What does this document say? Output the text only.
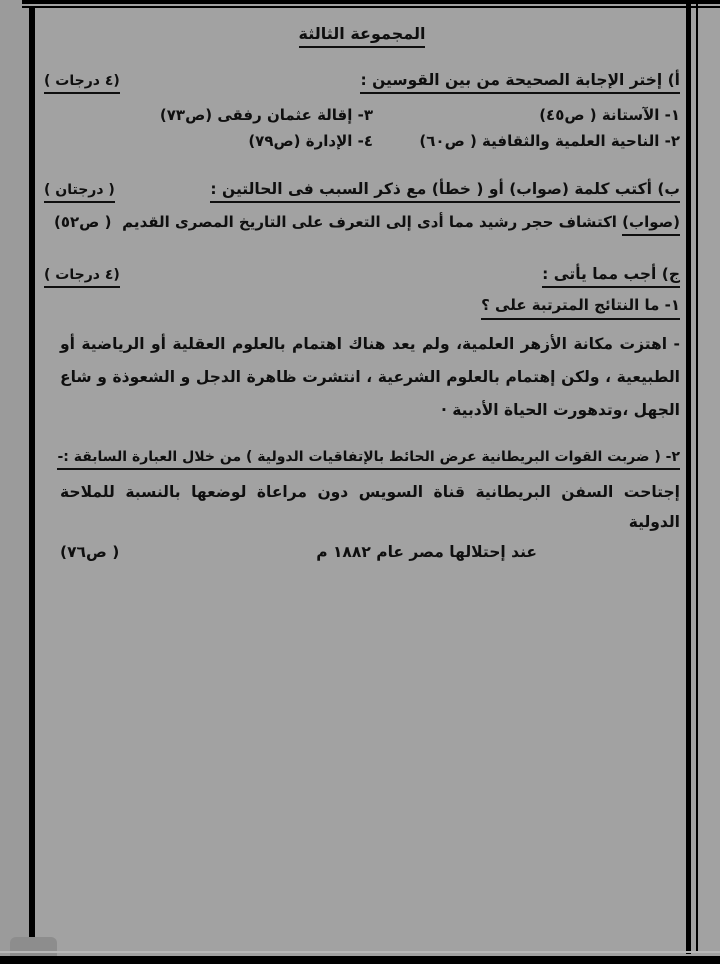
المجموعة الثالثة
أ) إختر الإجابة الصحيحة من بين القوسين :
(٤ درجات )
١- الآستانة ( ص٤٥)
٣- إقالة عثمان رفقى (ص٧٣)
٢- الناحية العلمية والثقافية ( ص٦٠)
٤- الإدارة (ص٧٩)
ب) أكتب كلمة (صواب) أو ( خطأ) مع ذكر السبب فى الحالتين :
( درجتان )
(صواب) اكتشاف حجر رشيد مما أدى إلى التعرف على التاريخ المصرى القديم
( ص٥٢)
ج) أجب مما يأتى :
(٤ درجات )
١- ما النتائج المترتبة على ؟
- اهتزت مكانة الأزهر العلمية، ولم يعد هناك اهتمام بالعلوم العقلية أو الرياضية أو
الطبيعية ، ولكن إهتمام بالعلوم الشرعية ، انتشرت ظاهرة الدجل و الشعوذة و شاع
الجهل ،وتدهورت الحياة الأدبية ·
٢- ( ضربت القوات البريطانية عرض الحائط بالإتفاقيات الدولية ) من خلال العبارة السابقة :-
إجتاحت السفن البريطانية قناة السويس دون مراعاة لوضعها بالنسبة للملاحة الدولية
عند إحتلالها مصر عام ١٨٨٢ م
( ص٧٦)
